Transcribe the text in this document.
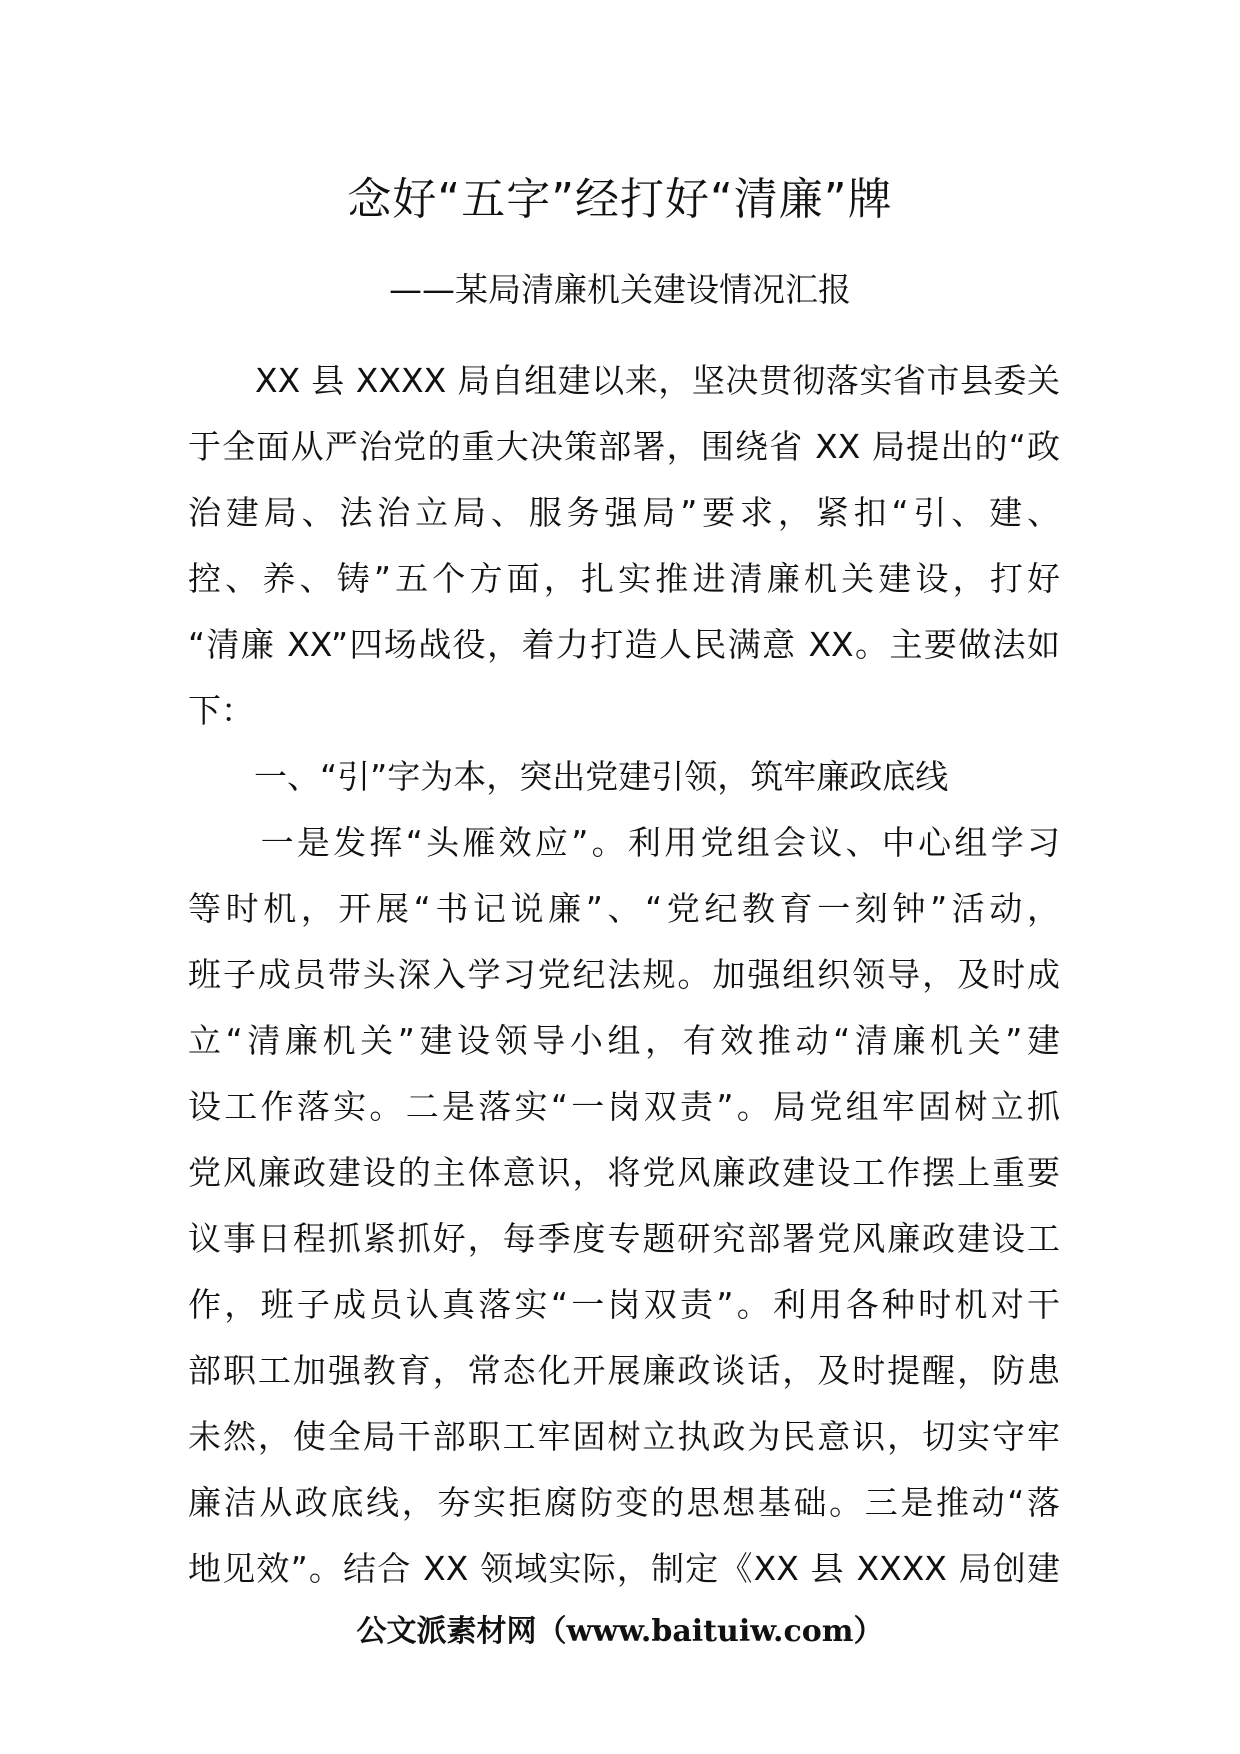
念好“五字”经打好“清廉”牌
——某局清廉机关建设情况汇报
　　XX 县 XXXX 局自组建以来，坚决贯彻落实省市县委关
于全面从严治党的重大决策部署，围绕省 XX 局提出的“政
治建局、法治立局、服务强局”要求，紧扣“引、建、
控、养、铸”五个方面，扎实推进清廉机关建设，打好
“清廉 XX”四场战役，着力打造人民满意 XX。主要做法如
下：
　　一、“引”字为本，突出党建引领，筑牢廉政底线
　　一是发挥“头雁效应”。利用党组会议、中心组学习
等时机，开展“书记说廉”、“党纪教育一刻钟”活动，
班子成员带头深入学习党纪法规。加强组织领导，及时成
立“清廉机关”建设领导小组，有效推动“清廉机关”建
设工作落实。二是落实“一岗双责”。局党组牢固树立抓
党风廉政建设的主体意识，将党风廉政建设工作摆上重要
议事日程抓紧抓好，每季度专题研究部署党风廉政建设工
作，班子成员认真落实“一岗双责”。利用各种时机对干
部职工加强教育，常态化开展廉政谈话，及时提醒，防患
未然，使全局干部职工牢固树立执政为民意识，切实守牢
廉洁从政底线，夯实拒腐防变的思想基础。三是推动“落
地见效”。结合 XX 领域实际，制定《XX 县 XXXX 局创建
公文派素材网（www.baituiw.com）
